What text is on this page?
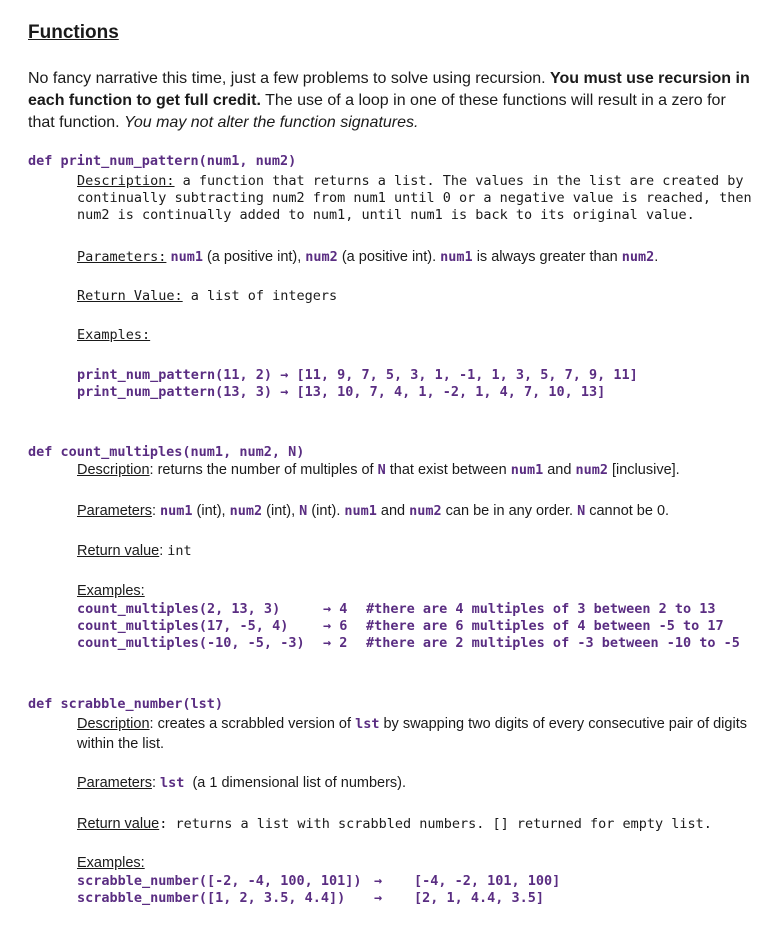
Functions
No fancy narrative this time, just a few problems to solve using recursion. You must use recursion in each function to get full credit. The use of a loop in one of these functions will result in a zero for that function. You may not alter the function signatures.
def print_num_pattern(num1, num2)
Description: a function that returns a list. The values in the list are created by continually subtracting num2 from num1 until 0 or a negative value is reached, then num2 is continually added to num1, until num1 is back to its original value.
Parameters: num1 (a positive int), num2 (a positive int). num1 is always greater than num2.
Return Value: a list of integers
Examples:
print_num_pattern(11, 2) → [11, 9, 7, 5, 3, 1, -1, 1, 3, 5, 7, 9, 11]
print_num_pattern(13, 3) → [13, 10, 7, 4, 1, -2, 1, 4, 7, 10, 13]
def count_multiples(num1, num2, N)
Description: returns the number of multiples of N that exist between num1 and num2 [inclusive].
Parameters: num1 (int), num2 (int), N (int). num1 and num2 can be in any order. N cannot be 0.
Return value: int
Examples:
count_multiples(2, 13, 3)
count_multiples(17, -5, 4)
count_multiples(-10, -5, -3)
→ 4
→ 6
→ 2
#there are 4 multiples of 3 between 2 to 13
#there are 6 multiples of 4 between -5 to 17
#there are 2 multiples of -3 between -10 to -5
def scrabble_number(lst)
Description: creates a scrabbled version of lst by swapping two digits of every consecutive pair of digits within the list.
Parameters: lst  (a 1 dimensional list of numbers).
Return value: returns a list with scrabbled numbers. [] returned for empty list.
Examples:
scrabble_number([-2, -4, 100, 101])
scrabble_number([1, 2, 3.5, 4.4])
→
→
[-4, -2, 101, 100]
[2, 1, 4.4, 3.5]
